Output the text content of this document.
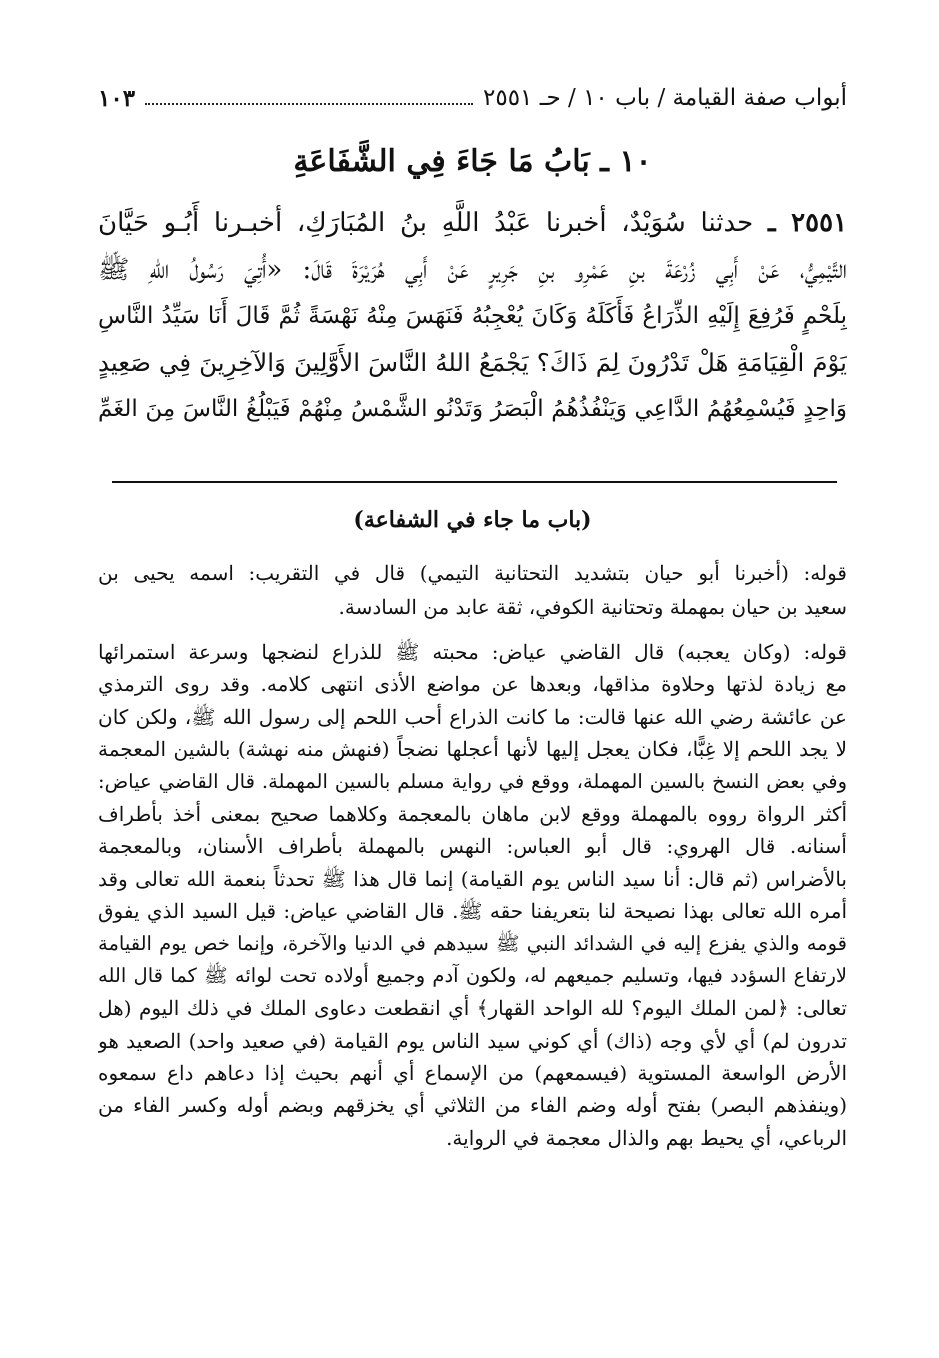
أبواب صفة القيامة / باب ١٠ / حـ ٢٥٥١
١٠٣
١٠ ـ بَابُ مَا جَاءَ فِي الشَّفَاعَةِ
٢٥٥١ ـ حدثنا سُوَيْدٌ، أخبرنا عَبْدُ اللَّهِ بنُ المُبَارَكِ، أخبـرنا أَبُـو حَيَّانَ
التَّيْمِيُّ، عَنْ أَبِي زُرْعَةَ بنِ عَمْرِو بنِ جَرِيرٍ عَنْ أَبِي هُرَيْرَةَ قَالَ: «أُتِيَ رَسُولُ اللهِ ﷺ
بِلَحْمٍ فَرُفِعَ إِلَيْهِ الذِّرَاعُ فَأَكَلَهُ وَكَانَ يُعْجِبُهُ فَنَهَسَ مِنْهُ نَهْسَةً ثُمَّ قَالَ أَنَا سَيِّدُ النَّاسِ
يَوْمَ الْقِيَامَةِ هَلْ تَدْرُونَ لِمَ ذَاكَ؟ يَجْمَعُ اللهُ النَّاسَ الأَوَّلِينَ وَالآخِرِينَ فِي صَعِيدٍ
وَاحِدٍ فَيُسْمِعُهُمُ الدَّاعِي وَيَنْفُذُهُمُ الْبَصَرُ وَتَدْنُو الشَّمْسُ مِنْهُمْ فَيَبْلُغُ النَّاسَ مِنَ الغَمِّ
(باب ما جاء في الشفاعة)
قوله: (أخبرنا أبو حيان بتشديد التحتانية التيمي) قال في التقريب: اسمه يحيى بن
سعيد بن حيان بمهملة وتحتانية الكوفي، ثقة عابد من السادسة.
قوله: (وكان يعجبه) قال القاضي عياض: محبته ﷺ للذراع لنضجها وسرعة استمرائها
مع زيادة لذتها وحلاوة مذاقها، وبعدها عن مواضع الأذى انتهى كلامه. وقد روى الترمذي
عن عائشة رضي الله عنها قالت: ما كانت الذراع أحب اللحم إلى رسول الله ﷺ، ولكن كان
لا يجد اللحم إلا غِبًّا، فكان يعجل إليها لأنها أعجلها نضجاً (فنهش منه نهشة) بالشين المعجمة
وفي بعض النسخ بالسين المهملة، ووقع في رواية مسلم بالسين المهملة. قال القاضي عياض:
أكثر الرواة رووه بالمهملة ووقع لابن ماهان بالمعجمة وكلاهما صحيح بمعنى أخذ بأطراف
أسنانه. قال الهروي: قال أبو العباس: النهس بالمهملة بأطراف الأسنان، وبالمعجمة
بالأضراس (ثم قال: أنا سيد الناس يوم القيامة) إنما قال هذا ﷺ تحدثاً بنعمة الله تعالى وقد
أمره الله تعالى بهذا نصيحة لنا بتعريفنا حقه ﷺ. قال القاضي عياض: قيل السيد الذي يفوق
قومه والذي يفزع إليه في الشدائد النبي ﷺ سيدهم في الدنيا والآخرة، وإنما خص يوم القيامة
لارتفاع السؤدد فيها، وتسليم جميعهم له، ولكون آدم وجميع أولاده تحت لوائه ﷺ كما قال الله
تعالى: ﴿لمن الملك اليوم؟ لله الواحد القهار﴾ أي انقطعت دعاوى الملك في ذلك اليوم (هل
تدرون لم) أي لأي وجه (ذاك) أي كوني سيد الناس يوم القيامة (في صعيد واحد) الصعيد هو
الأرض الواسعة المستوية (فيسمعهم) من الإسماع أي أنهم بحيث إذا دعاهم داع سمعوه
(وينفذهم البصر) بفتح أوله وضم الفاء من الثلاثي أي يخزقهم وبضم أوله وكسر الفاء من
الرباعي، أي يحيط بهم والذال معجمة في الرواية.
